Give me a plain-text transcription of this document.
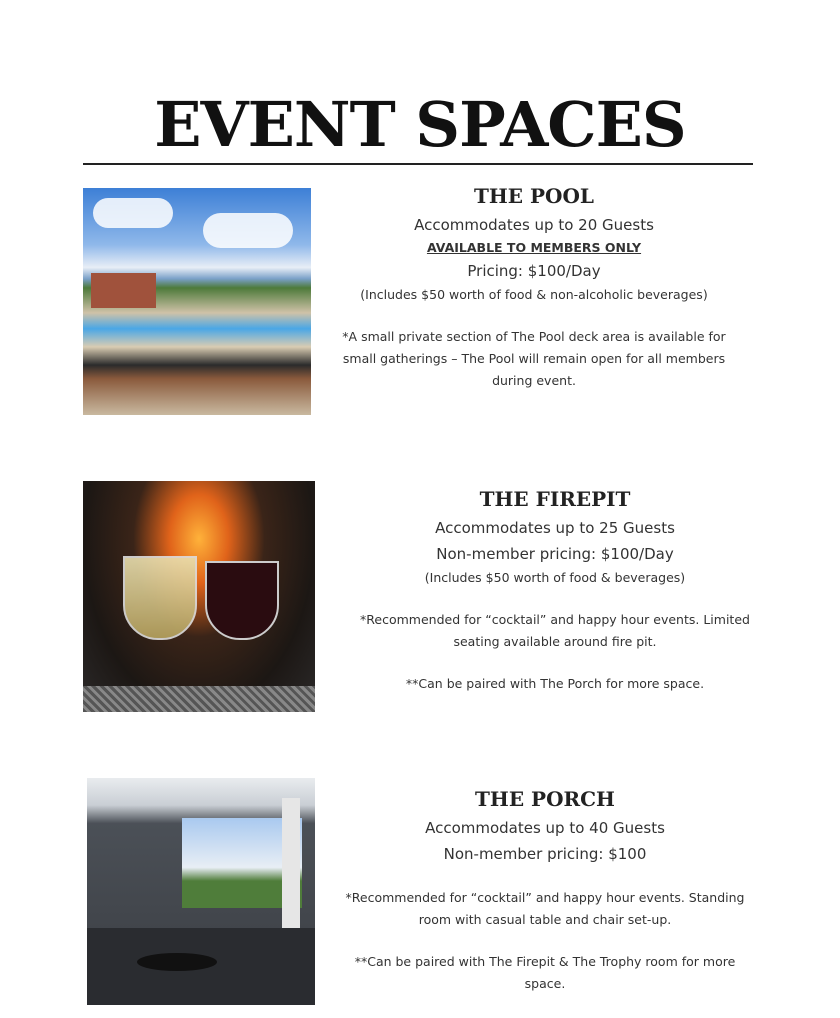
EVENT SPACES
THE POOL
Accommodates up to 20 Guests
AVAILABLE TO MEMBERS ONLY
Pricing: $100/Day
(Includes $50 worth of food & non-alcoholic beverages)
*A small private section of The Pool deck area is available for small gatherings – The Pool will remain open for all members during event.
THE FIREPIT
Accommodates up to 25 Guests
Non-member pricing: $100/Day
(Includes $50 worth of food & beverages)
*Recommended for “cocktail” and happy hour events. Limited seating available around fire pit.
**Can be paired with The Porch for more space.
THE PORCH
Accommodates up to 40 Guests
Non-member pricing: $100
*Recommended for “cocktail” and happy hour events. Standing room with casual table and chair set-up.
**Can be paired with The Firepit & The Trophy room for more space.
